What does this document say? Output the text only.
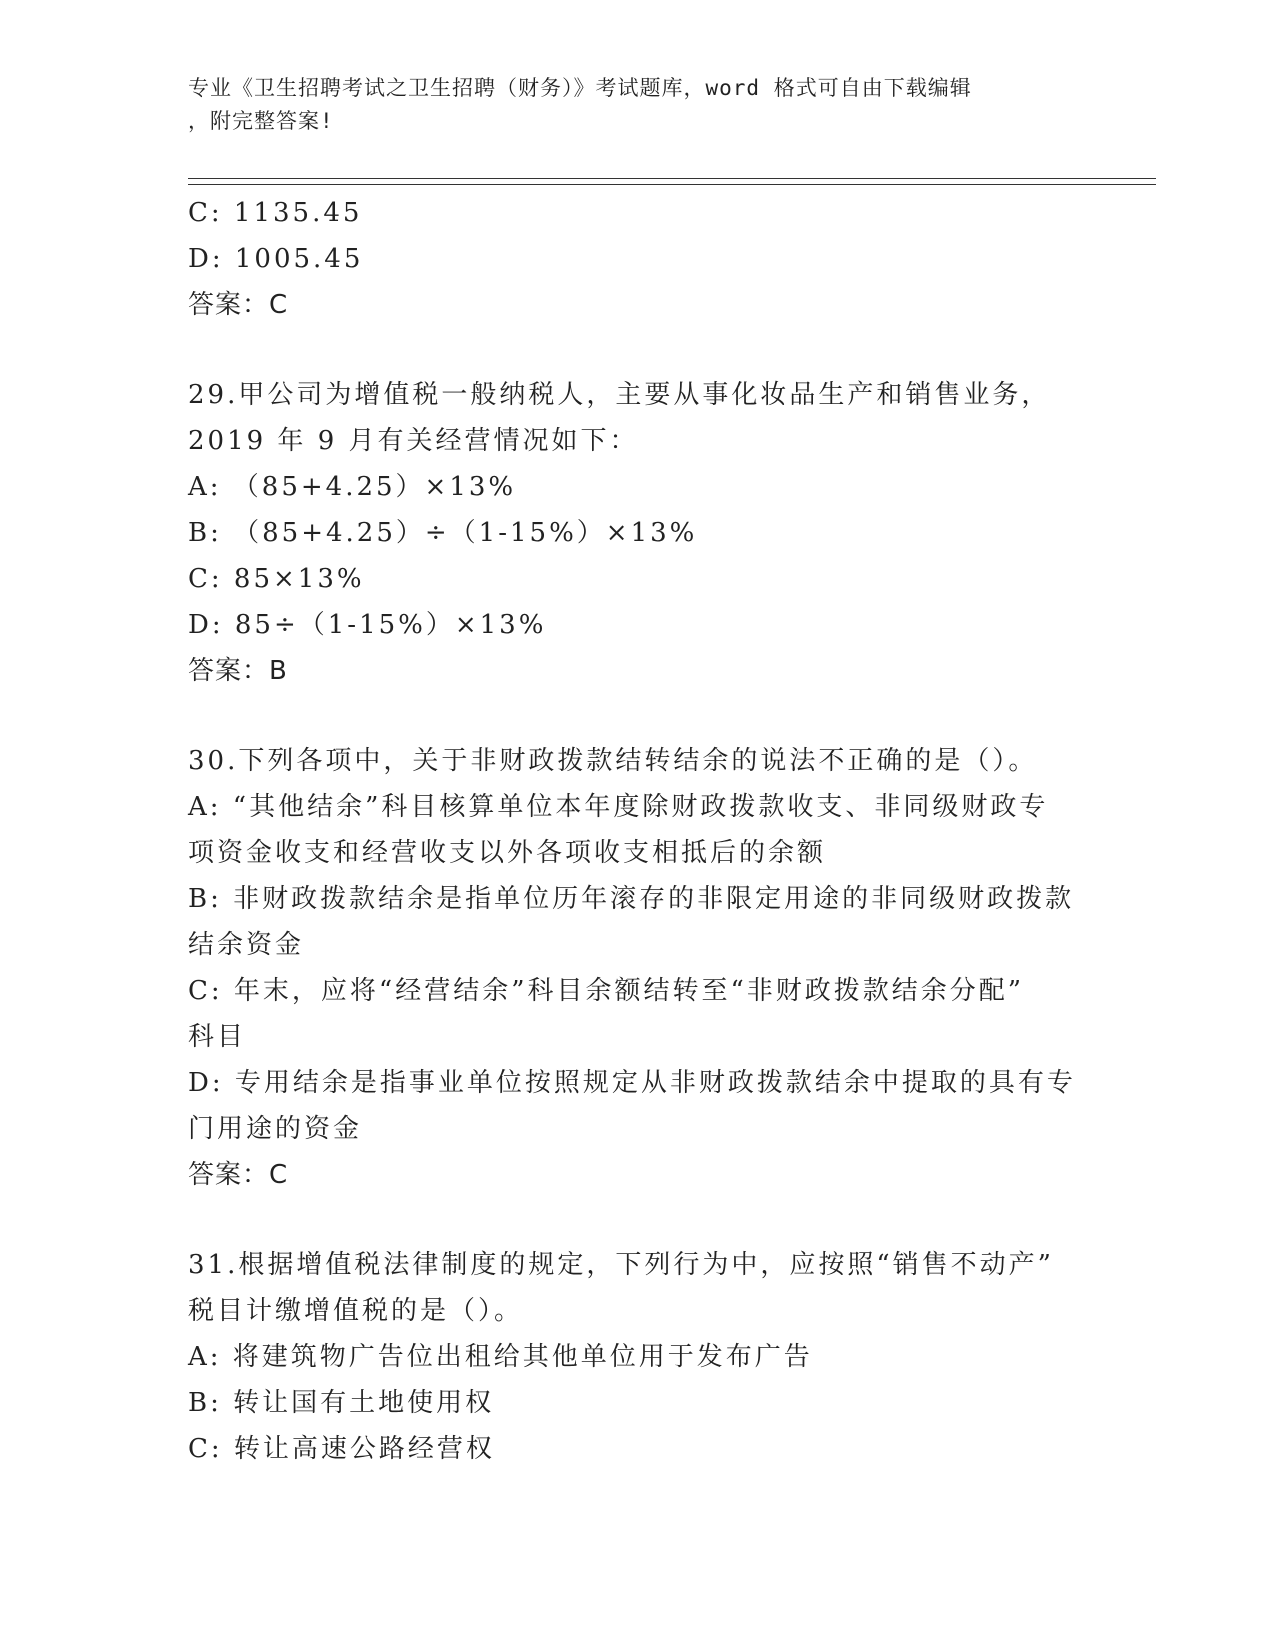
专业《卫生招聘考试之卫生招聘（财务）》考试题库，word 格式可自由下载编辑
，附完整答案!
C: 1135.45
D: 1005.45
答案：C
29.甲公司为增值税一般纳税人，主要从事化妆品生产和销售业务，
2019 年 9 月有关经营情况如下：
A: （85+4.25）×13%
B: （85+4.25）÷（1-15%）×13%
C: 85×13%
D: 85÷（1-15%）×13%
答案：B
30.下列各项中，关于非财政拨款结转结余的说法不正确的是（）。
A: “其他结余”科目核算单位本年度除财政拨款收支、非同级财政专
项资金收支和经营收支以外各项收支相抵后的余额
B: 非财政拨款结余是指单位历年滚存的非限定用途的非同级财政拨款
结余资金
C: 年末，应将“经营结余”科目余额结转至“非财政拨款结余分配”
科目
D: 专用结余是指事业单位按照规定从非财政拨款结余中提取的具有专
门用途的资金
答案：C
31.根据增值税法律制度的规定，下列行为中，应按照“销售不动产”
税目计缴增值税的是（）。
A: 将建筑物广告位出租给其他单位用于发布广告
B: 转让国有土地使用权
C: 转让高速公路经营权
